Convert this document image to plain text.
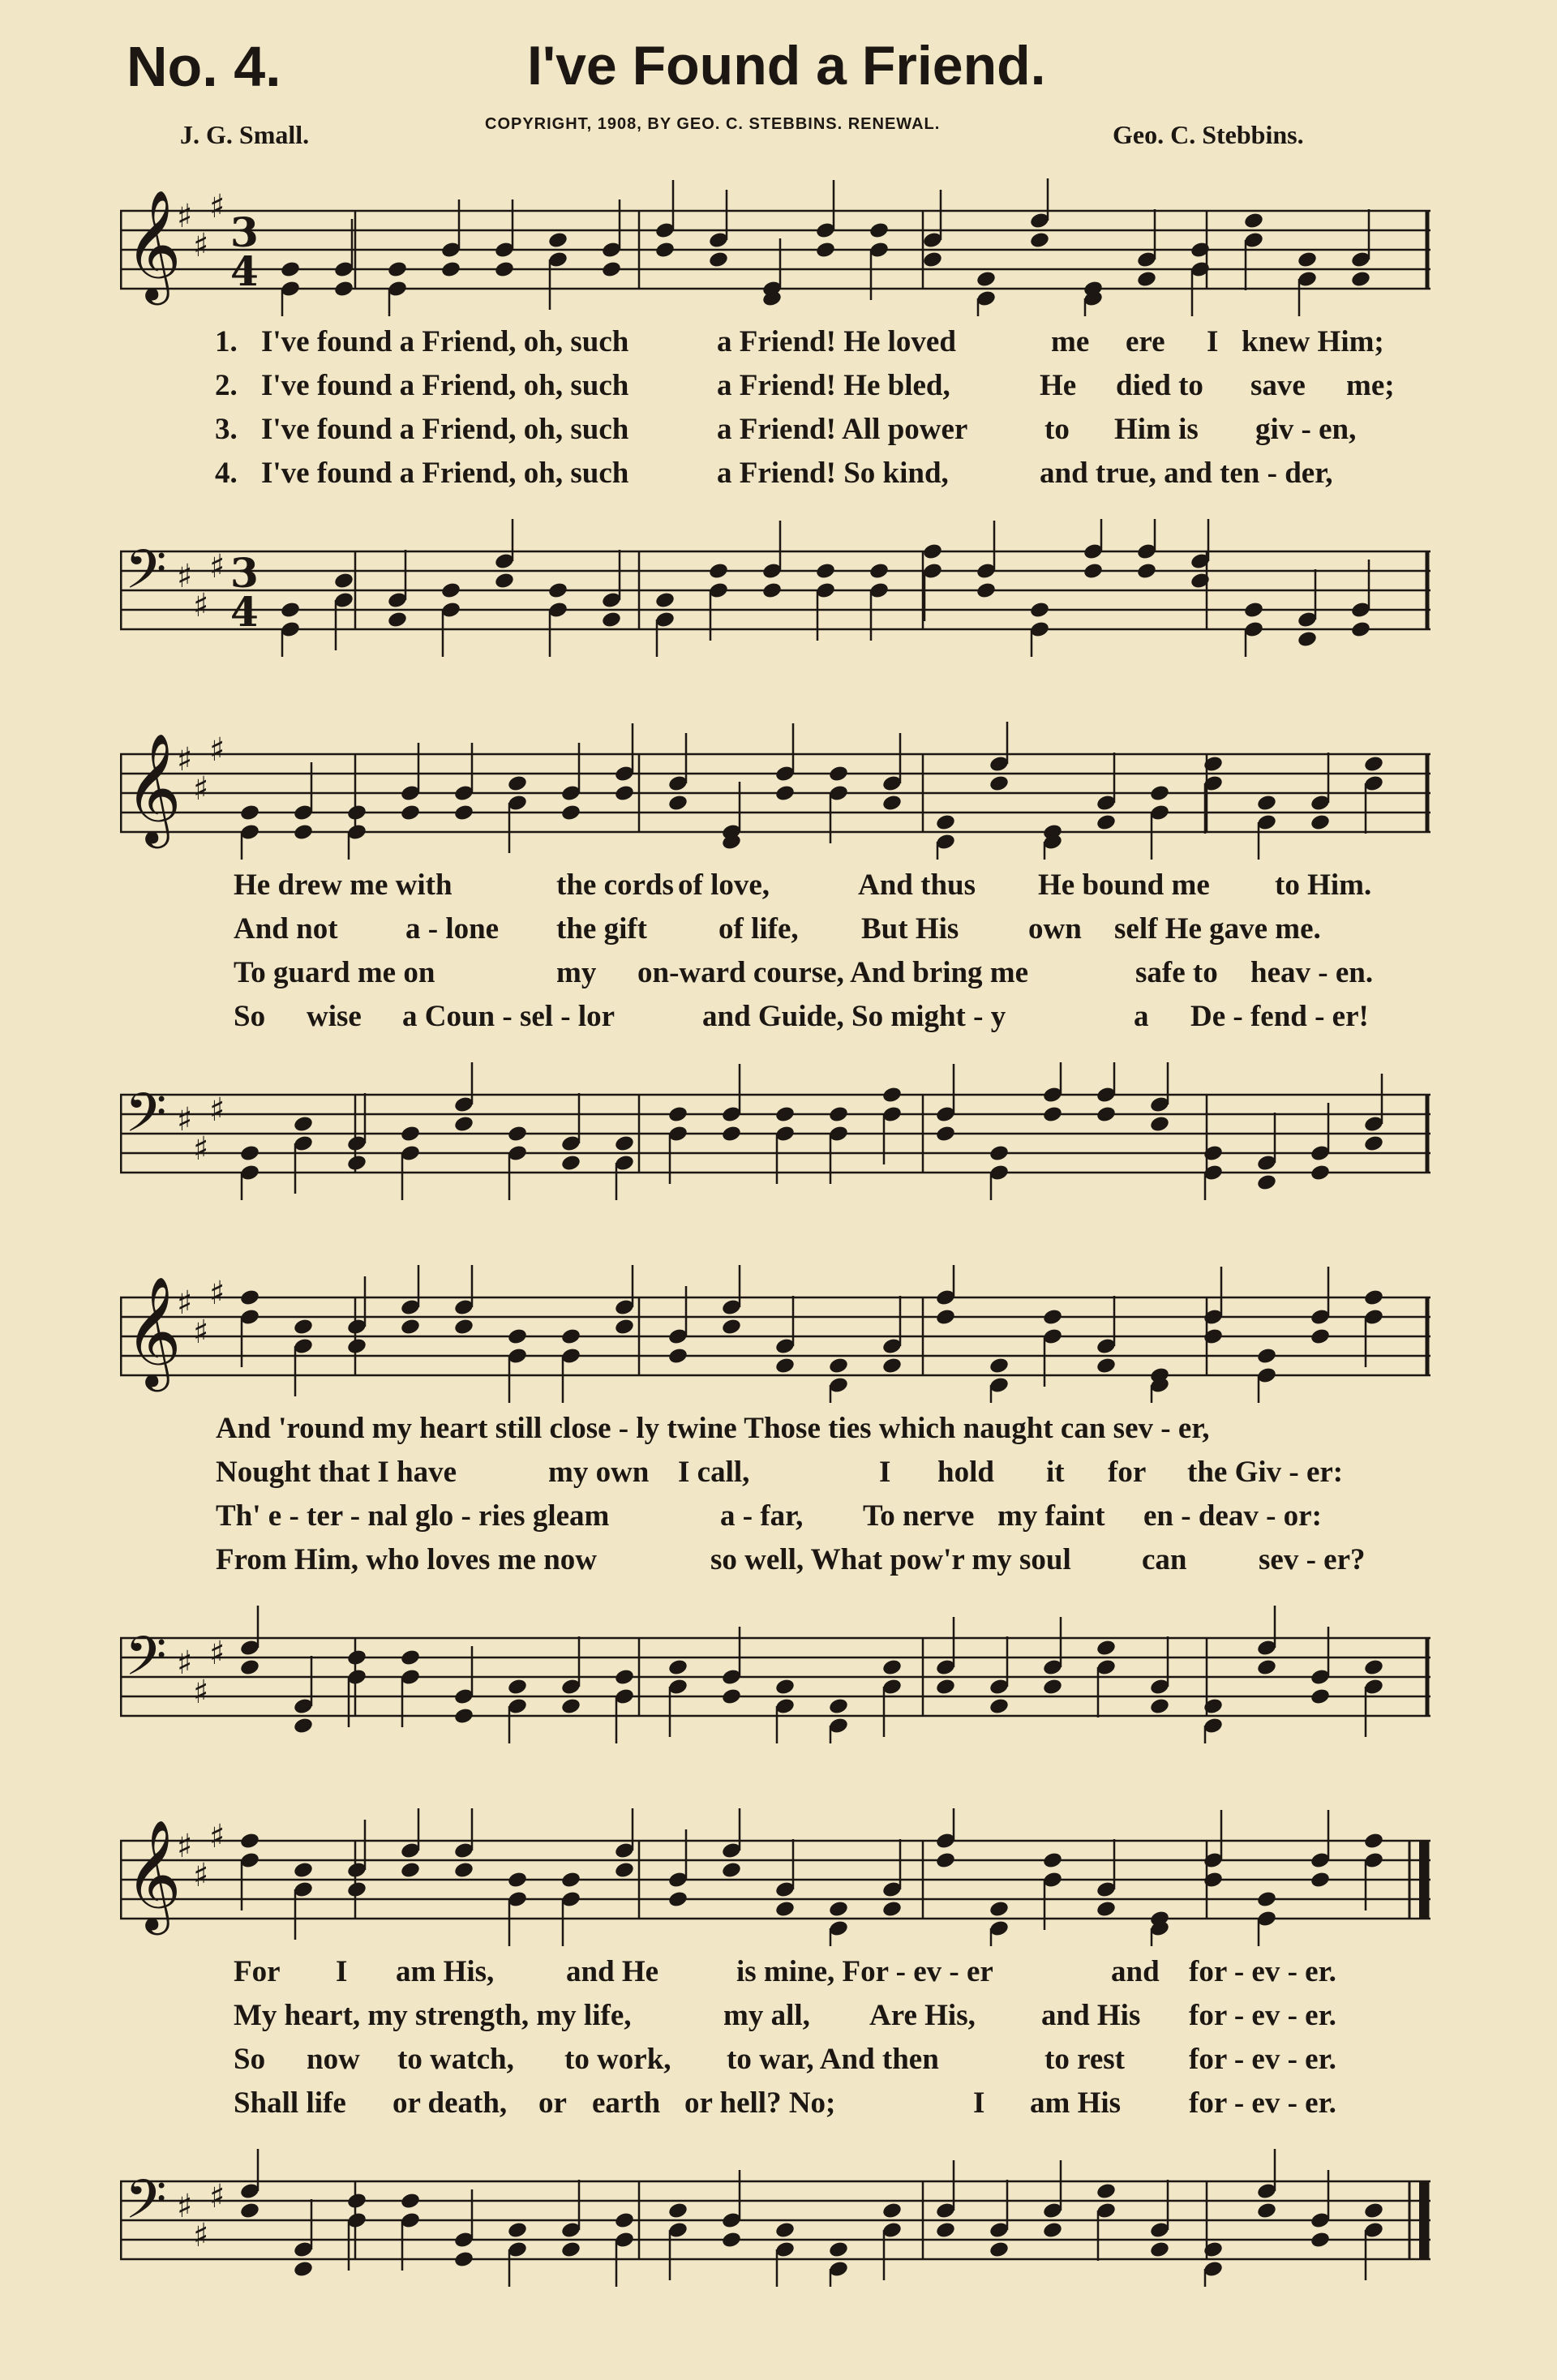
No. 4.	I've Found a Friend.
J. G. Small.	COPYRIGHT, 1908, BY GEO. C. STEBBINS. RENEWAL.	Geo. C. Stebbins.
𝄞
♯
♯
♯
3
4
1. I've found a Friend, oh, such	a Friend! He loved	me ere I knew Him;
2. I've found a Friend, oh, such	a Friend! He bled,	He died to save me;
3. I've found a Friend, oh, such	a Friend! All power	to Him is giv - en,
4. I've found a Friend, oh, such	a Friend! So kind,	and true, and ten - der,
𝄢 ♯
♯
♯ 3
4
𝄞
♯
♯
♯
He drew me with	the cords of love,	And thus He bound me to Him.
And not a - lone the gift of life, But His own self He gave me.
To guard me on	my on-ward course, And bring me	safe to heav - en.
So wise a Coun - sel - lor	and Guide, So might - y	a De - fend - er!
𝄢 ♯
♯
♯
𝄞
♯
♯
♯
And 'round my heart still close - ly twine Those ties which naught can sev - er,
Nought that I have	my own I call,	I hold it for the Giv - er:
Th' e - ter - nal glo - ries gleam	a - far, To nerve my faint en - deav - or:
From Him, who loves me now	so well, What pow'r my soul can sev - er?
𝄢 ♯
♯
♯
𝄞
♯
♯
♯
For I am His, and He	is mine, For - ev - er	and for - ev - er.
My heart, my strength, my life,	my all, Are His, and His for - ev - er.
So now to watch, to work, to war, And then	to rest for - ev - er.
Shall life or death, or earth or hell? No;	I am His for - ev - er.
𝄢 ♯
♯
♯
